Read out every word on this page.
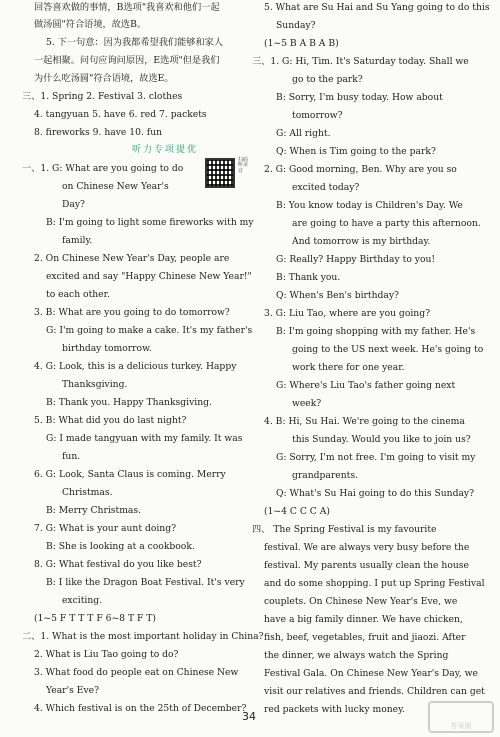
回答喜欢做的事情，B选项"我喜欢和他们一起
做汤圆"符合语境，故选B。
5. 下一句意：因为我都希望我们能够和家人
一起相聚。问句应询问原因，E选项"但是我们
为什么吃汤圆"符合语境，故选E。
三、1. Spring 2. Festival 3. clothes
4. tangyuan 5. have 6. red 7. packets
8. fireworks 9. have 10. fun
听力专项提优
一、1. G: What are you going to do
on Chinese New Year's
Day?
B: I'm going to light some fireworks with my
family.
2. On Chinese New Year's Day, people are
excited and say "Happy Chinese New Year!"
to each other.
3. B: What are you going to do tomorrow?
G: I'm going to make a cake. It's my father's
birthday tomorrow.
4. G: Look, this is a delicious turkey. Happy
Thanksgiving.
B: Thank you. Happy Thanksgiving.
5. B: What did you do last night?
G: I made tangyuan with my family. It was
fun.
6. G: Look, Santa Claus is coming. Merry
Christmas.
B: Merry Christmas.
7. G: What is your aunt doing?
B: She is looking at a cookbook.
8. G: What festival do you like best?
B: I like the Dragon Boat Festival. It's very
exciting.
(1~5 F T T T F 6~8 T F T)
二、1. What is the most important holiday in China?
2. What is Liu Tao going to do?
3. What food do people eat on Chinese New
Year's Eve?
4. Which festival is on the 25th of December?
扫码听录音
5. What are Su Hai and Su Yang going to do this
Sunday?
(1~5 B A B A B)
三、1. G: Hi, Tim. It's Saturday today. Shall we
go to the park?
B: Sorry, I'm busy today. How about
tomorrow?
G: All right.
Q: When is Tim going to the park?
2. G: Good morning, Ben. Why are you so
excited today?
B: You know today is Children's Day. We
are going to have a party this afternoon.
And tomorrow is my birthday.
G: Really? Happy Birthday to you!
B: Thank you.
Q: When's Ben's birthday?
3. G: Liu Tao, where are you going?
B: I'm going shopping with my father. He's
going to the US next week. He's going to
work there for one year.
G: Where's Liu Tao's father going next
week?
4. B: Hi, Su Hai. We're going to the cinema
this Sunday. Would you like to join us?
G: Sorry, I'm not free. I'm going to visit my
grandparents.
Q: What's Su Hai going to do this Sunday?
(1~4 C C C A)
四、 The Spring Festival is my favourite
festival. We are always very busy before the
festival. My parents usually clean the house
and do some shopping. I put up Spring Festival
couplets. On Chinese New Year's Eve, we
have a big family dinner. We have chicken,
fish, beef, vegetables, fruit and jiaozi. After
the dinner, we always watch the Spring
Festival Gala. On Chinese New Year's Day, we
visit our relatives and friends. Children can get
red packets with lucky money.
34
答案圈
